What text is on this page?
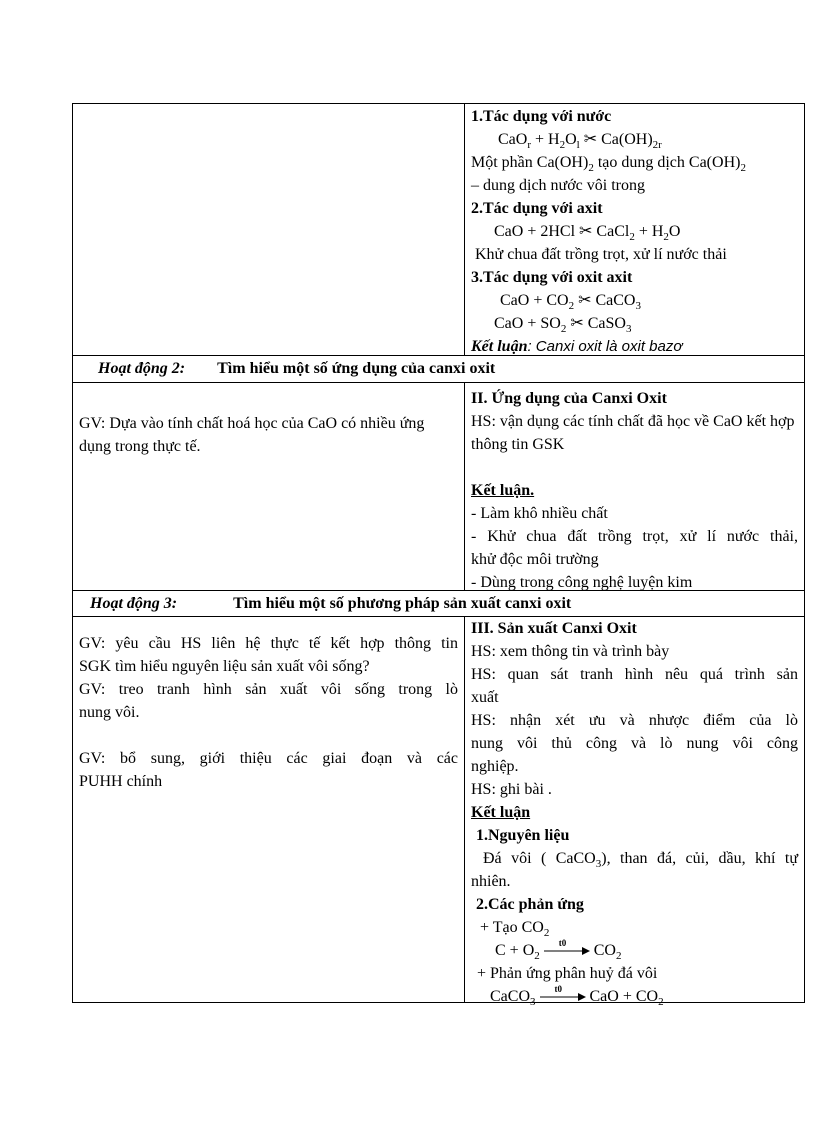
1.Tác dụng với nước
$CaO_r + H_2O_l$ ✂ $Ca(OH)_{2r}$
Một phần $Ca(OH)_2$ tạo dung dịch $Ca(OH)_2$
– dung dịch nước vôi trong
2.Tác dụng với axit
CaO + 2HCl ✂ CaCl$_2$ + $H_2O$
Khử chua đất trồng trọt, xử lí nước thải
3.Tác dụng với oxit axit
CaO + $CO_2$ ✂ CaCO$_3$
CaO + $SO_2$ ✂ CaSO$_3$
Kết luận: Canxi oxit là oxit bazơ
Hoạt động 2: Tìm hiểu một số ứng dụng của canxi oxit
GV: Dựa vào tính chất hoá học của CaO có nhiều ứng dụng trong thực tế.
II. Ứng dụng của Canxi Oxit
HS: vận dụng các tính chất đã học về CaO kết hợp thông tin GSK
Kết luận.
- Làm khô nhiều chất
- Khử chua đất trồng trọt, xử lí nước thải,
khử độc môi trường
- Dùng trong công nghệ luyện kim
Hoạt động 3:	Tìm hiểu một số phương pháp sản xuất canxi oxit
GV: yêu cầu HS liên hệ thực tế kết hợp thông tin
SGK tìm hiểu nguyên liệu sản xuất vôi sống?
GV: treo tranh hình sản xuất vôi sống trong lò
nung vôi.
GV: bổ sung, giới thiệu các giai đoạn và các
PUHH chính
III. Sản xuất Canxi Oxit
HS: xem thông tin và trình bày
HS: quan sát tranh hình nêu quá trình sản
xuất
HS: nhận xét ưu và nhược điểm của lò
nung vôi thủ công và lò nung vôi công
nghiệp.
HS: ghi bài .
Kết luận
1.Nguyên liệu
Đá vôi ( CaCO$_3$), than đá, củi, dầu, khí tự
nhiên.
2.Các phản ứng
+ Tạo $CO_2$
$C + O_2$
t0 $CO_2$
+ Phản ứng phân huỷ đá vôi
CaCO$_3$
t0 CaO + $CO_2$
